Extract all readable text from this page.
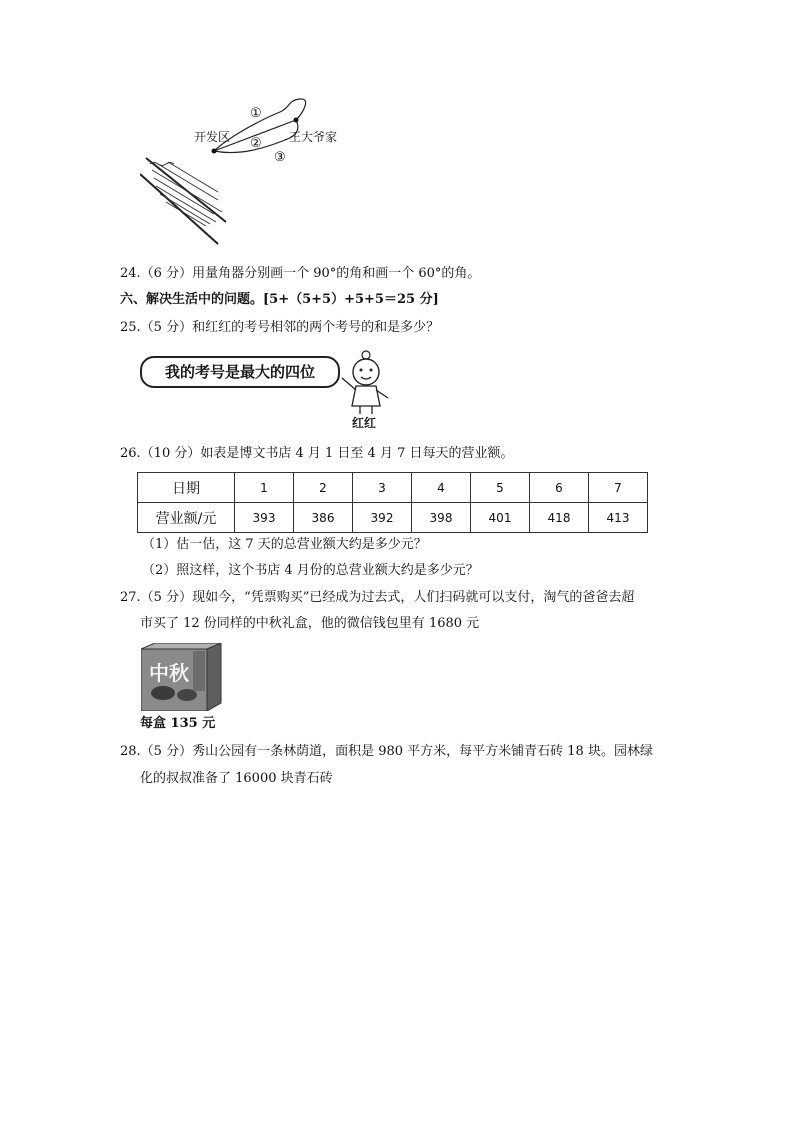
开发区	王大爷家
①
②
③
24.（6 分）用量角器分别画一个 90°的角和画一个 60°的角。
六、解决生活中的问题。[5+（5+5）+5+5＝25 分]
25.（5 分）和红红的考号相邻的两个考号的和是多少？
我的考号是最大的四位
红红
26.（10 分）如表是博文书店 4 月 1 日至 4 月 7 日每天的营业额。
日期	1	2	3	4	5	6	7
营业额/元	393	386	392	398	401	418	413
（1）估一估，这 7 天的总营业额大约是多少元？
（2）照这样，这个书店 4 月份的总营业额大约是多少元？
27.（5 分）现如今，“凭票购买”已经成为过去式，人们扫码就可以支付，淘气的爸爸去超
市买了 12 份同样的中秋礼盒，他的微信钱包里有 1680 元
中秋
每盒 135 元
28.（5 分）秀山公园有一条林荫道，面积是 980 平方米，每平方米铺青石砖 18 块。园林绿
化的叔叔准备了 16000 块青石砖
